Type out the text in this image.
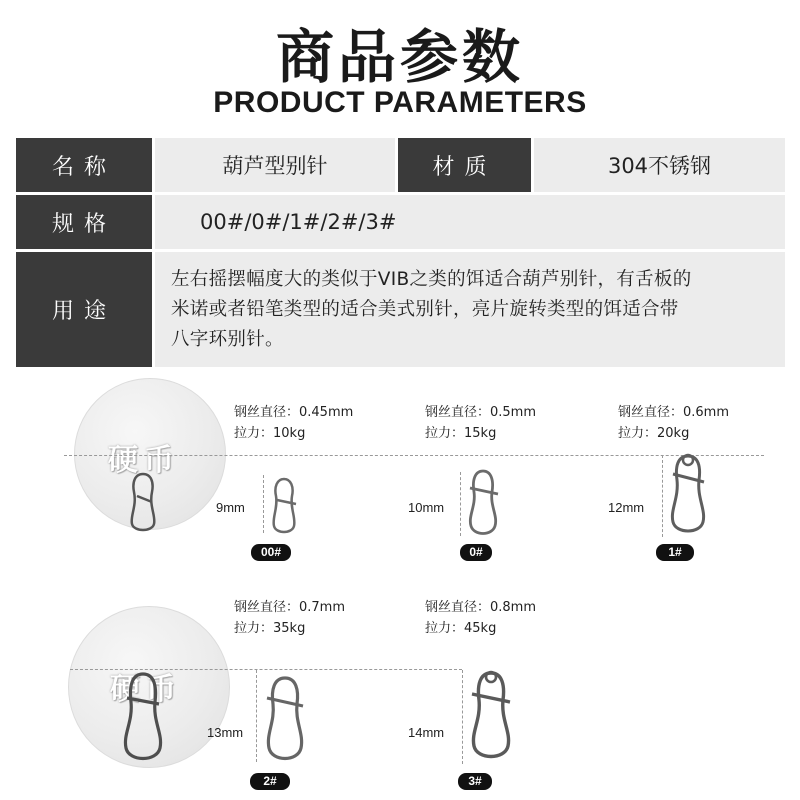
商品参数
PRODUCT PARAMETERS
名称	葫芦型别针	材质	304不锈钢
规格	00#/0#/1#/2#/3#
用途
左右摇摆幅度大的类似于VIB之类的饵适合葫芦别针，有舌板的
米诺或者铅笔类型的适合美式别针，亮片旋转类型的饵适合带
八字环别针。
硬币
硬币
钢丝直径：0.45mm
拉力：10kg
9mm
00#
钢丝直径：0.5mm
拉力：15kg
10mm
0#
钢丝直径：0.6mm
拉力：20kg
12mm
1#
钢丝直径：0.7mm
拉力：35kg
13mm
2#
钢丝直径：0.8mm
拉力：45kg
14mm
3#
